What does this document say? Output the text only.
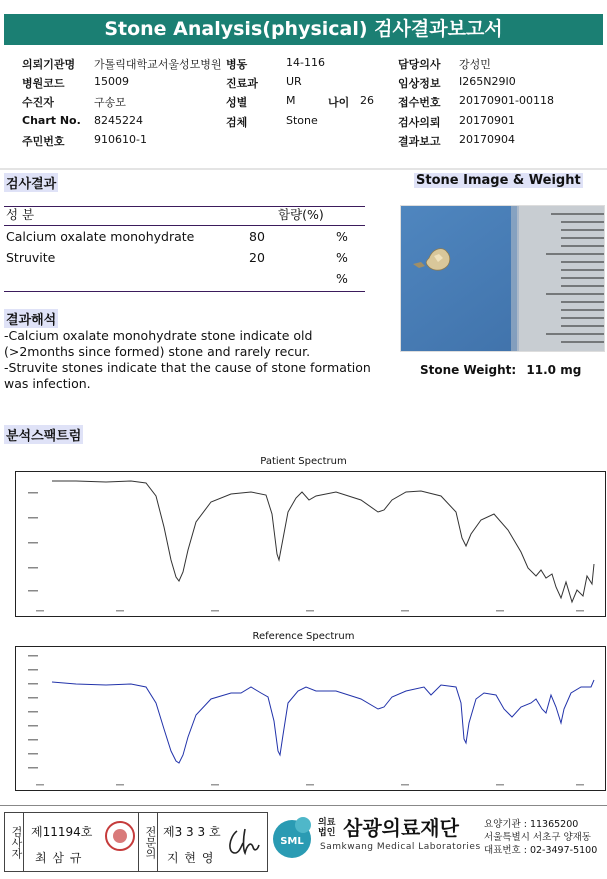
Stone Analysis(physical) 검사결과보고서
의뢰기관명 가톨릭대학교서울성모병원 병동	14-116	담당의사 강성민
병원코드	15009	진료과	UR	임상정보 I265N29I0
수진자	구송모	성별	M	나이 26 접수번호 20170901-00118
Chart No. 8245224	검체	Stone	검사의뢰 20170901
주민번호	910610-1	결과보고 20170904
검사결과
성 분	함량(%)
Calcium oxalate monohydrate	80	%
Struvite	20	%
%
결과해석
-Calcium oxalate monohydrate stone indicate old
(>2months since formed) stone and rarely recur.
-Struvite stones indicate that the cause of stone formation
was infection.
Stone Image & Weight
Stone Weight: 11.0 mg
분석스팩트럼
Patient Spectrum
Reference Spectrum
검사자 제11194호
최 삼 규	전문의 제3 3 3 호
지 현 영
SML
의료법인 삼광의료재단
Samkwang Medical Laboratories
요양기관 : 11365200
서울특별시 서초구 양재동
대표번호 : 02-3497-5100
